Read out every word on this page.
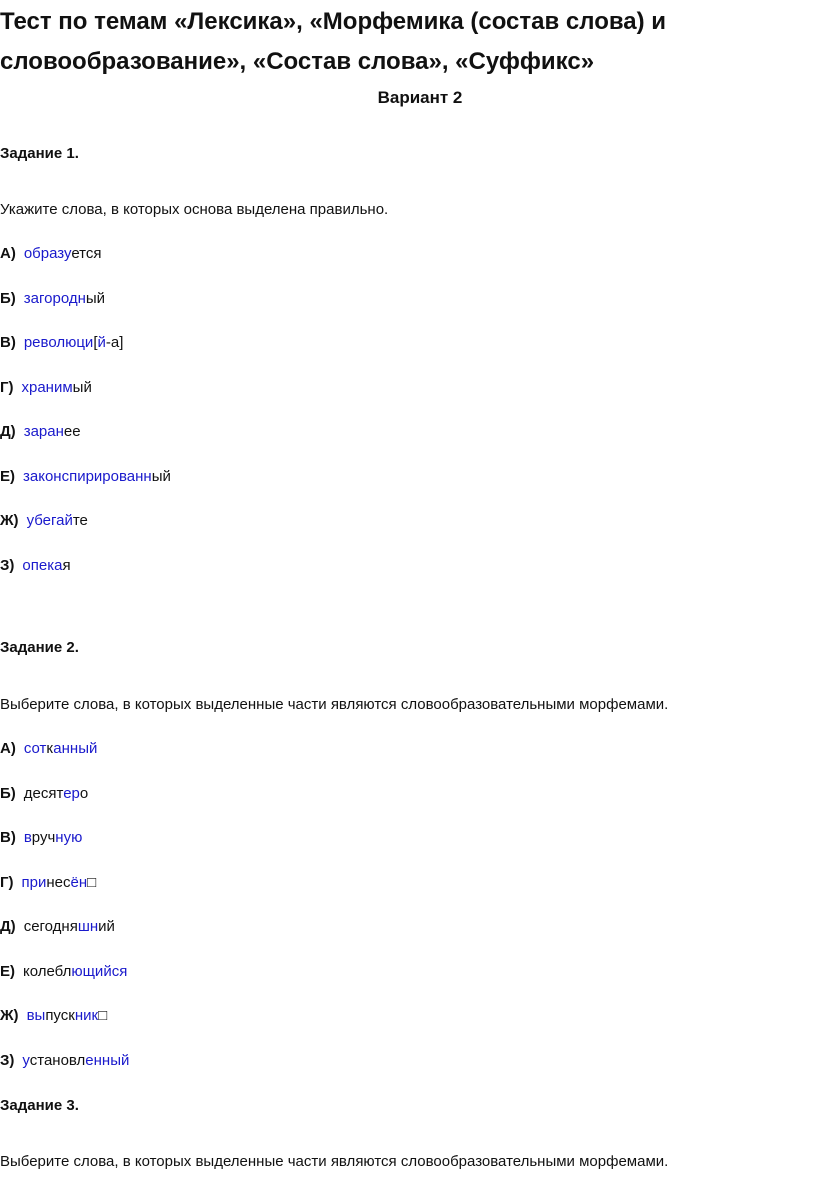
Тест по темам «Лексика», «Морфемика (состав слова) и
словообразование», «Состав слова», «Суффикс»

Вариант 2

Задание 1.

Укажите слова, в которых основа выделена правильно.

А) образуется

Б) загородный

В) революци[й-а]

Г) хранимый

Д) заранее

Е) законспирированный

Ж) убегайте

З) опекая

Задание 2.

Выберите слова, в которых выделенные части являются словообразовательными морфемами.

А) сотканный

Б) десятеро

В) вручную

Г) принесён□

Д) сегодняшний

Е) колеблющийся

Ж) выпускник□

З) установленный

Задание 3.

Выберите слова, в которых выделенные части являются словообразовательными морфемами.
